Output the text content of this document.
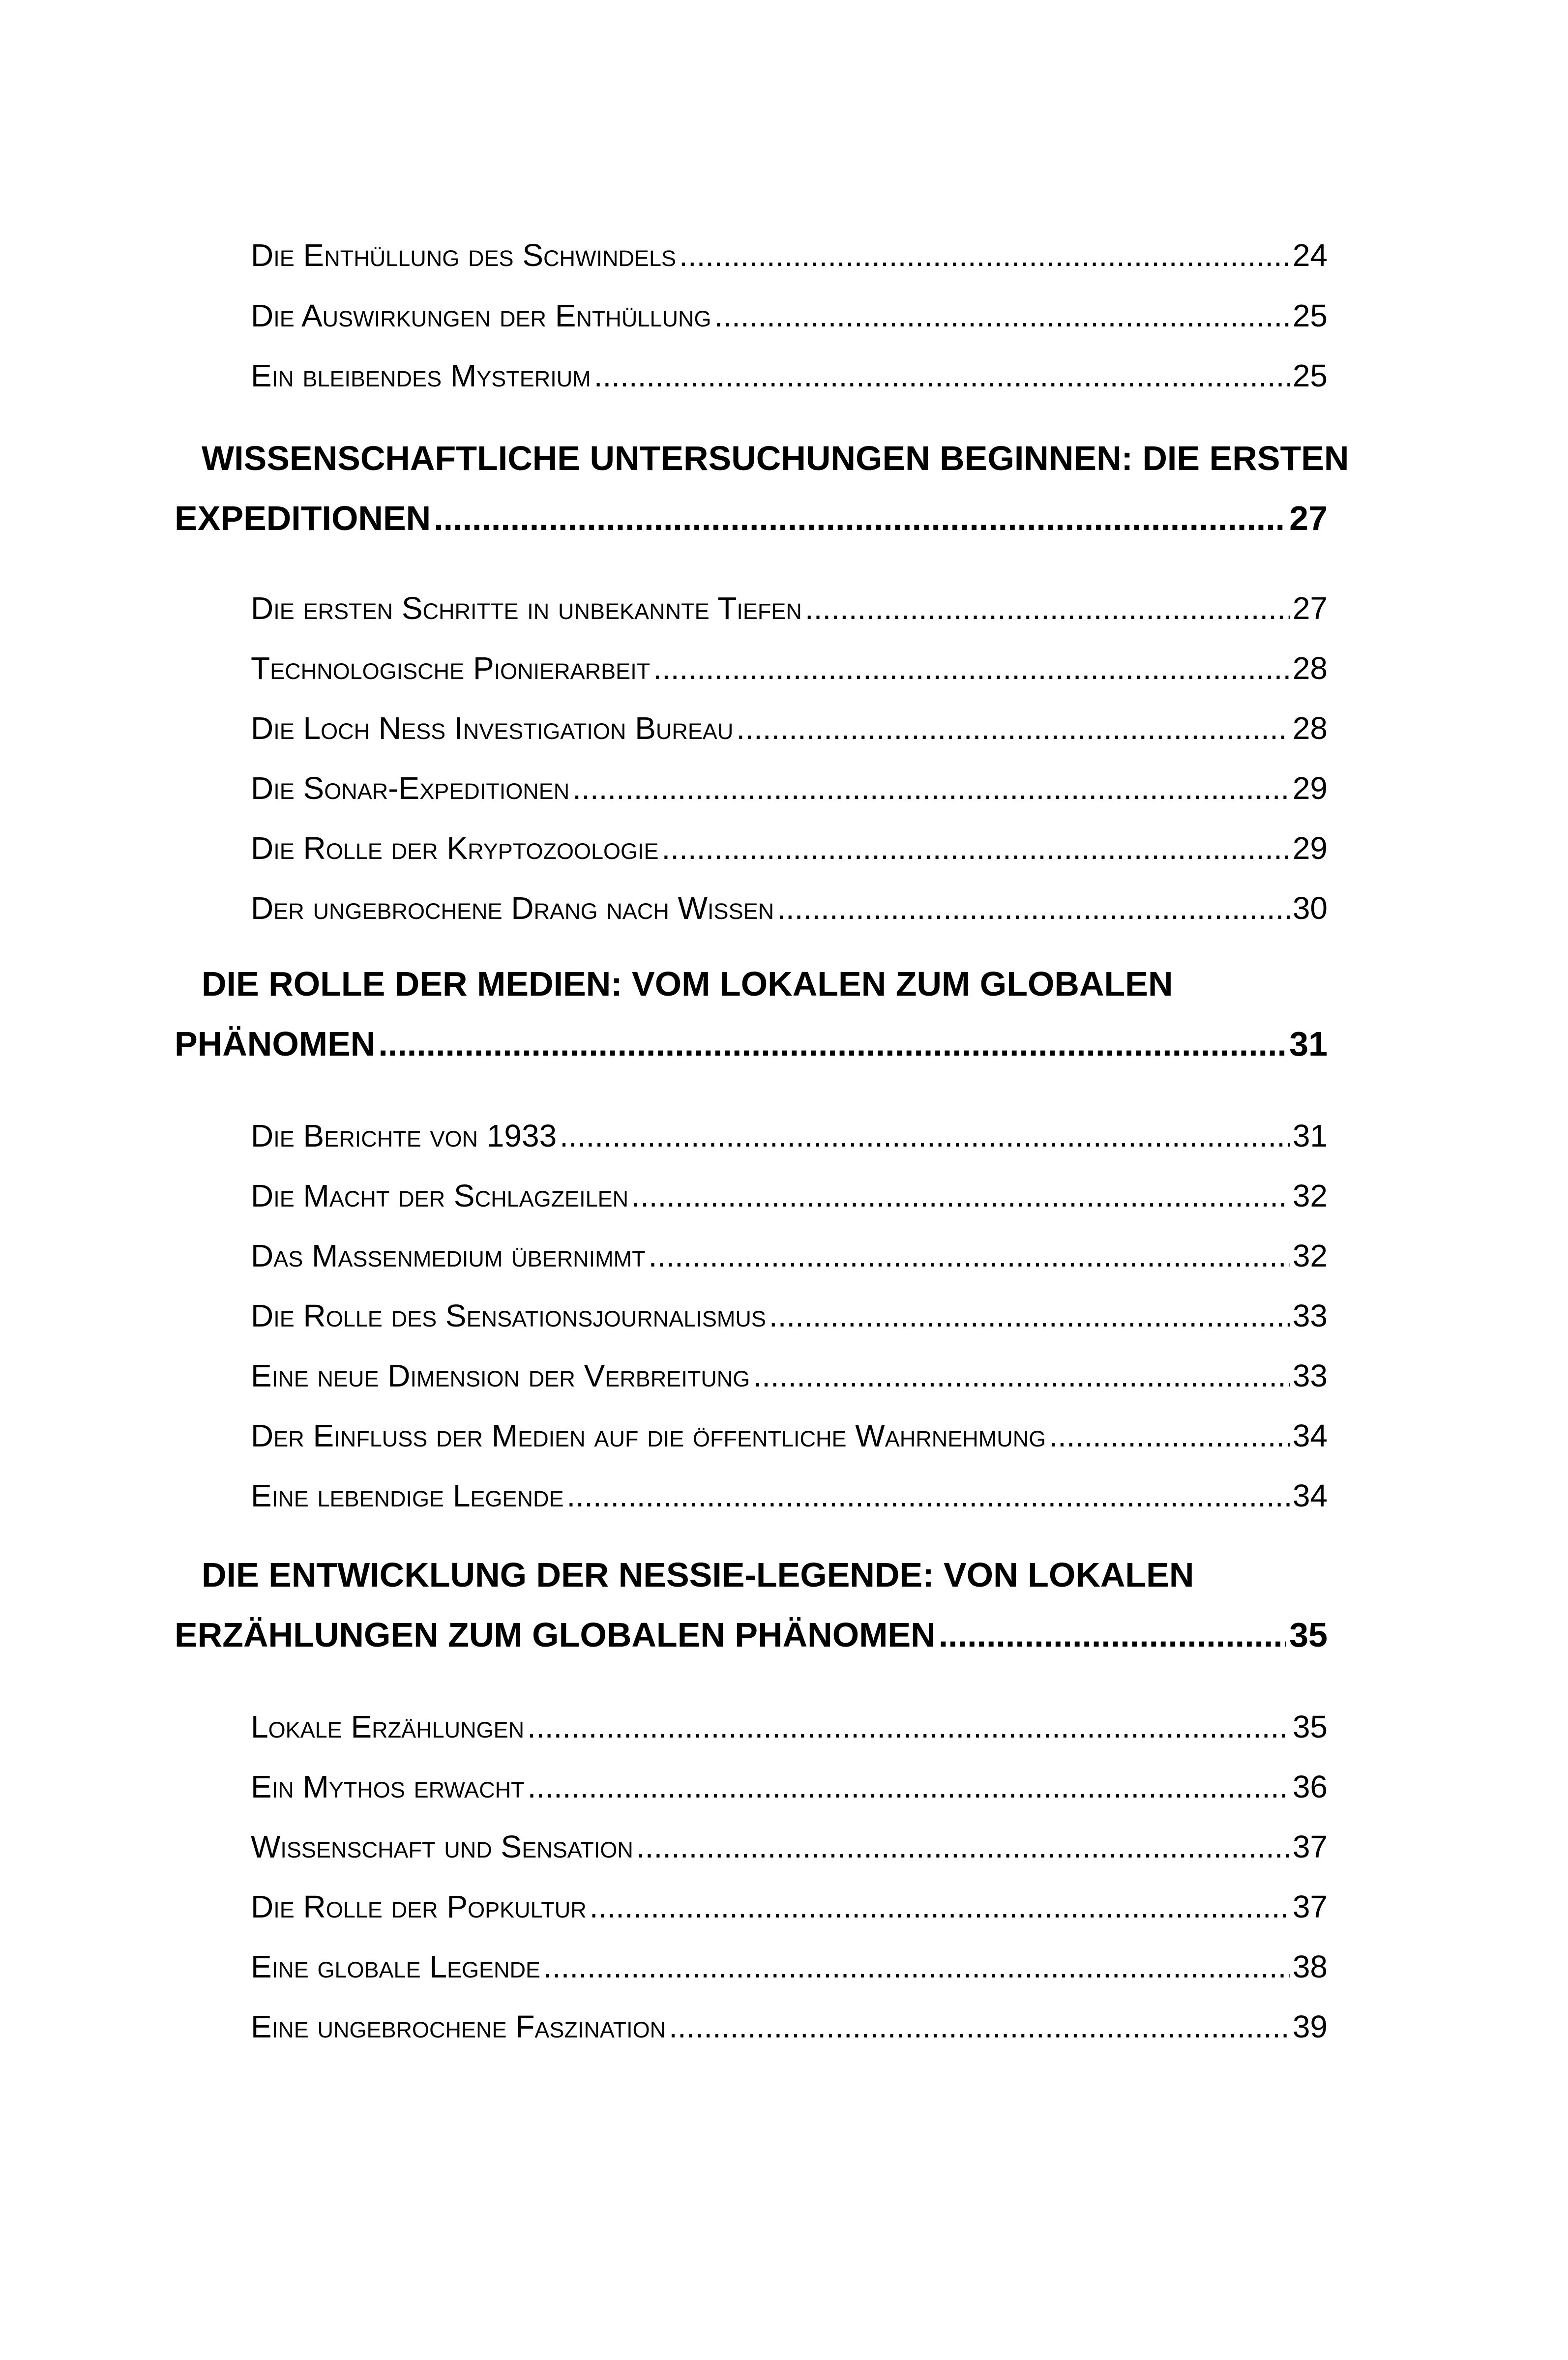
Die Enthüllung des Schwindels .....	24
Die Auswirkungen der Enthüllung .....	25
Ein bleibendes Mysterium .....	25
WISSENSCHAFTLICHE UNTERSUCHUNGEN BEGINNEN: DIE ERSTEN
EXPEDITIONEN .....	27
Die ersten Schritte in unbekannte Tiefen .....	27
Technologische Pionierarbeit .....	28
Die Loch Ness Investigation Bureau .....	28
Die Sonar-Expeditionen .....	29
Die Rolle der Kryptozoologie .....	29
Der ungebrochene Drang nach Wissen .....	30
DIE ROLLE DER MEDIEN: VOM LOKALEN ZUM GLOBALEN
PHÄNOMEN .....	31
Die Berichte von 1933 .....	31
Die Macht der Schlagzeilen .....	32
Das Massenmedium übernimmt .....	32
Die Rolle des Sensationsjournalismus .....	33
Eine neue Dimension der Verbreitung .....	33
Der Einfluss der Medien auf die öffentliche Wahrnehmung .....	34
Eine lebendige Legende .....	34
DIE ENTWICKLUNG DER NESSIE-LEGENDE: VON LOKALEN
ERZÄHLUNGEN ZUM GLOBALEN PHÄNOMEN .....	35
Lokale Erzählungen .....	35
Ein Mythos erwacht .....	36
Wissenschaft und Sensation .....	37
Die Rolle der Popkultur .....	37
Eine globale Legende .....	38
Eine ungebrochene Faszination .....	39
